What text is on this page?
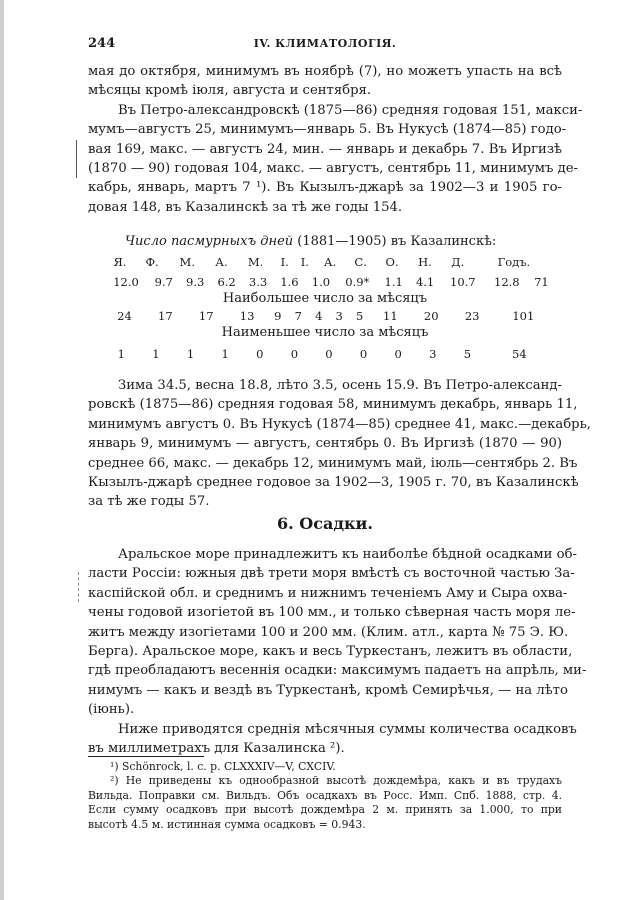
244	IV. КЛИМАТОЛОГІЯ.
мая до октября, минимумъ въ ноябрѣ (7), но можетъ упасть на всѣ
мѣсяцы кромѣ іюля, августа и сентября.
Въ Петро-александровскѣ (1875—86) средняя годовая 151, макси-
мумъ—августъ 25, минимумъ—январь 5. Въ Нукусѣ (1874—85) годо-
вая 169, макс. — августъ 24, мин. — январь и декабрь 7. Въ Иргизѣ
(1870 — 90) годовая 104, макс. — августъ, сентябрь 11, минимумъ де-
кабрь, январь, мартъ 7 ¹). Въ Кызылъ-джарѣ за 1902—3 и 1905 го-
довая 148, въ Казалинскѣ за тѣ же годы 154.
Число пасмурныхъ дней (1881—1905) въ Казалинскѣ:
Я.	Ф.	М.	А.	М.	І.	І.	А.	С.	О.	Н.	Д.	Годъ.
12.0	9.7	9.3	6.2	3.3	1.6	1.0	0.9*	1.1	4.1	10.7	12.8	71
Наибольшее число за мѣсяцъ
24	17	17	13	9	7	4	3	5	11	20	23	101
Наименьшее число за мѣсяцъ
1	1	1	1	0	0	0	0	0	3	5	54
Зима 34.5, весна 18.8, лѣто 3.5, осень 15.9. Въ Петро-александ-
ровскѣ (1875—86) средняя годовая 58, минимумъ декабрь, январь 11,
минимумъ августъ 0. Въ Нукусѣ (1874—85) среднее 41, макс.—декабрь,
январь 9, минимумъ — августъ, сентябрь 0. Въ Иргизѣ (1870 — 90)
среднее 66, макс. — декабрь 12, минимумъ май, іюль—сентябрь 2. Въ
Кызылъ-джарѣ среднее годовое за 1902—3, 1905 г. 70, въ Казалинскѣ
за тѣ же годы 57.
6. Осадки.
Аральское море принадлежитъ къ наиболѣе бѣдной осадками об-
ласти Россіи: южныя двѣ трети моря вмѣстѣ съ восточной частью За-
каспійской обл. и среднимъ и нижнимъ теченіемъ Аму и Сыра охва-
чены годовой изогіетой въ 100 мм., и только сѣверная часть моря ле-
житъ между изогіетами 100 и 200 мм. (Клим. атл., карта № 75 Э. Ю.
Берга). Аральское море, какъ и весь Туркестанъ, лежитъ въ области,
гдѣ преобладаютъ весеннія осадки: максимумъ падаетъ на апрѣль, ми-
нимумъ — какъ и вездѣ въ Туркестанѣ, кромѣ Семирѣчья, — на лѣто
(іюнь).
Ниже приводятся среднія мѣсячныя суммы количества осадковъ
въ миллиметрахъ для Казалинска ²).
¹) Schönrock, l. c. p. CLXXXIV—V, CXCIV.
²) Не приведены къ однообразной высотѣ дождемѣра, какъ и въ трудахъ
Вильда. Поправки см. Вильдъ. Объ осадкахъ въ Росс. Имп. Спб. 1888, стр. 4.
Если сумму осадковъ при высотѣ дождемѣра 2 м. принять за 1.000, то при
высотѣ 4.5 м. истинная сумма осадковъ = 0.943.
